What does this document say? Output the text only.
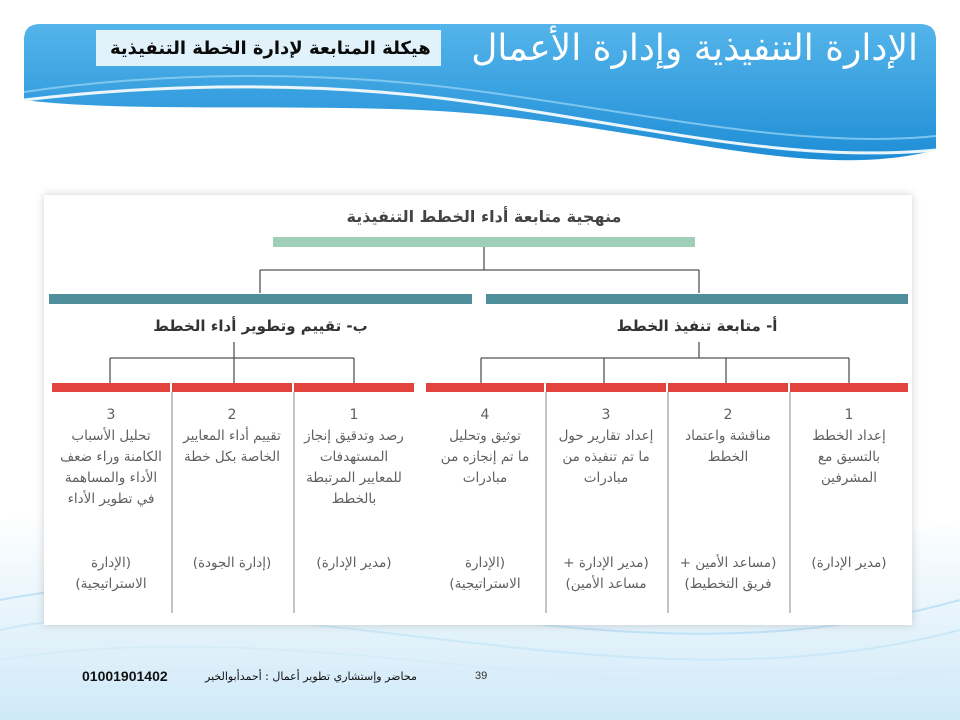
الإدارة التنفيذية وإدارة الأعمال
هيكلة المتابعة لإدارة الخطة التنفيذية
منهجية متابعة أداء الخطط التنفيذية
أ- متابعة تنفيذ الخطط
ب- تقييم وتطوير أداء الخطط
1
إعداد الخطط
بالتسيق مع
المشرفين
(مدير الإدارة)
2
مناقشة واعتماد
الخطط
(مساعد الأمين +
فريق التخطيط)
3
إعداد تقارير حول
ما تم تنفيذه من
مبادرات
(مدير الإدارة +
مساعد الأمين)
4
توثيق وتحليل
ما تم إنجازه من
مبادرات
(الإدارة
الاستراتيجية)
1
رصد وتدقيق إنجاز
المستهدفات
للمعايير المرتبطة
بالخطط
(مدير الإدارة)
2
تقييم أداء المعايير
الخاصة بكل خطة
(إدارة الجودة)
3
تحليل الأسباب
الكامنة وراء ضعف
الأداء والمساهمة
في تطوير الأداء
(الإدارة
الاستراتيجية)
01001901402	محاضر وإستشاري تطوير أعمال : أحمدأبوالخير	39
